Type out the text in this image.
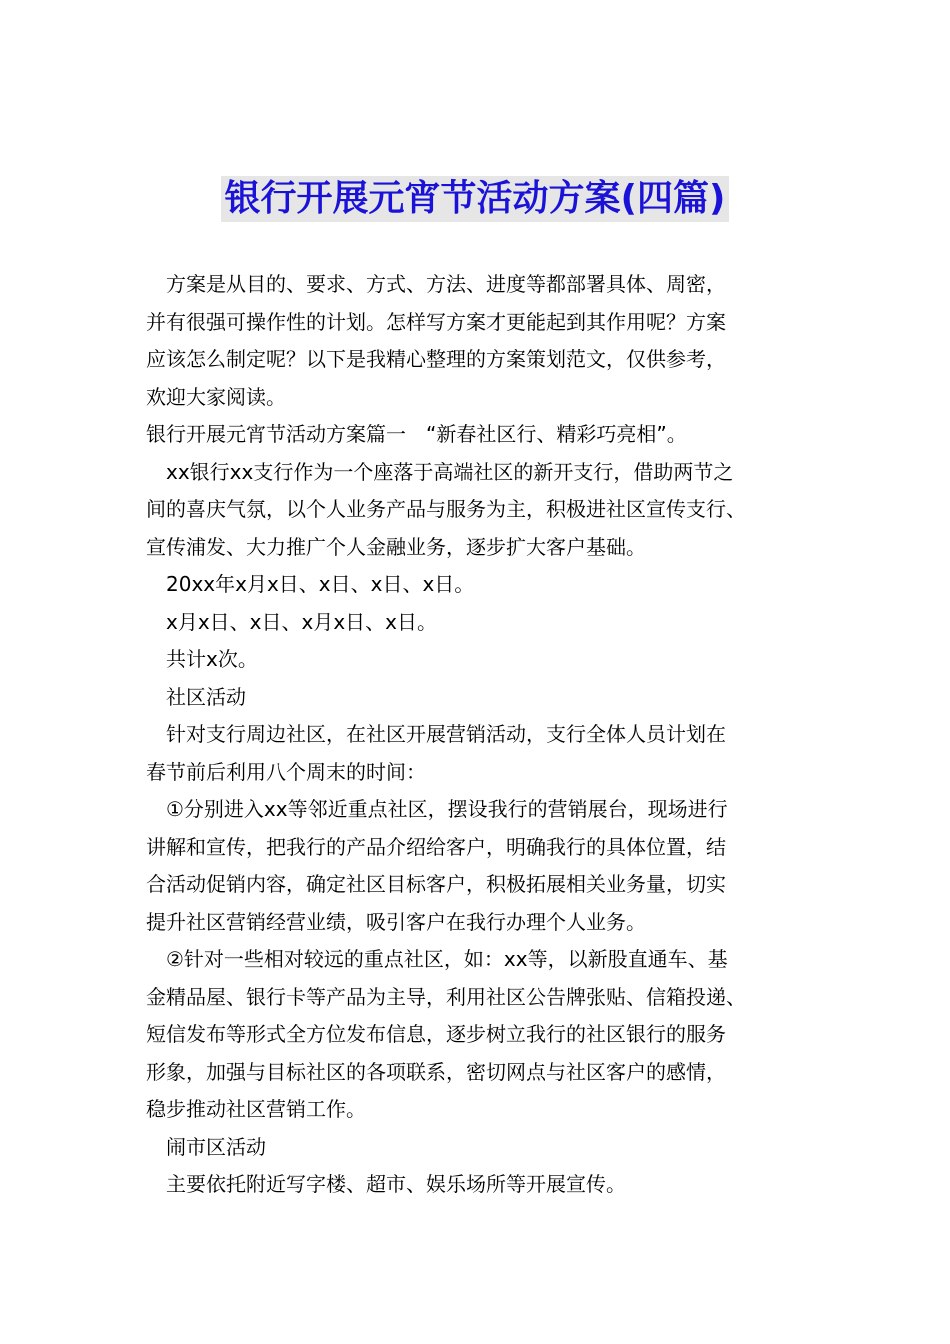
银行开展元宵节活动方案(四篇)

方案是从目的、要求、方式、方法、进度等都部署具体、周密，

并有很强可操作性的计划。怎样写方案才更能起到其作用呢？方案

应该怎么制定呢？以下是我精心整理的方案策划范文，仅供参考，

欢迎大家阅读。

银行开展元宵节活动方案篇一　“新春社区行、精彩巧亮相”。

xx银行xx支行作为一个座落于高端社区的新开支行，借助两节之

间的喜庆气氛，以个人业务产品与服务为主，积极进社区宣传支行、

宣传浦发、大力推广个人金融业务，逐步扩大客户基础。

20xx年x月x日、x日、x日、x日。

x月x日、x日、x月x日、x日。

共计x次。

社区活动

针对支行周边社区，在社区开展营销活动，支行全体人员计划在

春节前后利用八个周末的时间：

①分别进入xx等邻近重点社区，摆设我行的营销展台，现场进行

讲解和宣传，把我行的产品介绍给客户，明确我行的具体位置，结

合活动促销内容，确定社区目标客户，积极拓展相关业务量，切实

提升社区营销经营业绩，吸引客户在我行办理个人业务。

②针对一些相对较远的重点社区，如：xx等，以新股直通车、基

金精品屋、银行卡等产品为主导，利用社区公告牌张贴、信箱投递、

短信发布等形式全方位发布信息，逐步树立我行的社区银行的服务

形象，加强与目标社区的各项联系，密切网点与社区客户的感情，

稳步推动社区营销工作。

闹市区活动

主要依托附近写字楼、超市、娱乐场所等开展宣传。
